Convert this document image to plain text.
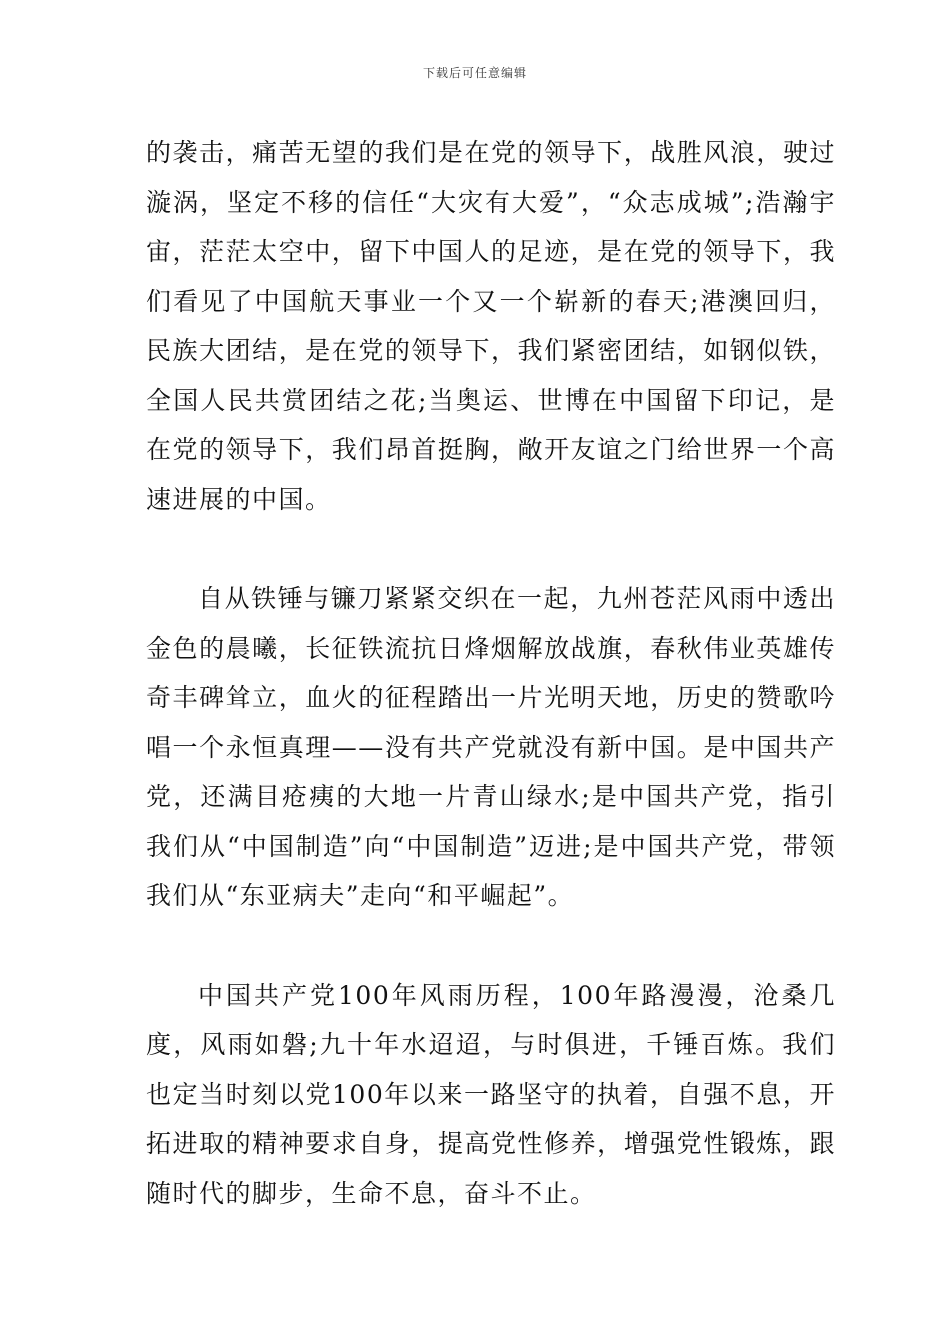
下载后可任意编辑

的袭击，痛苦无望的我们是在党的领导下，战胜风浪，驶过漩涡，坚定不移的信任“大灾有大爱”，“众志成城”;浩瀚宇宙，茫茫太空中，留下中国人的足迹，是在党的领导下，我们看见了中国航天事业一个又一个崭新的春天;港澳回归，民族大团结，是在党的领导下，我们紧密团结，如钢似铁，全国人民共赏团结之花;当奥运、世博在中国留下印记，是在党的领导下，我们昂首挺胸，敞开友谊之门给世界一个高速进展的中国。

自从铁锤与镰刀紧紧交织在一起，九州苍茫风雨中透出金色的晨曦，长征铁流抗日烽烟解放战旗，春秋伟业英雄传奇丰碑耸立，血火的征程踏出一片光明天地，历史的赞歌吟唱一个永恒真理——没有共产党就没有新中国。是中国共产党，还满目疮痍的大地一片青山绿水;是中国共产党，指引我们从“中国制造”向“中国制造”迈进;是中国共产党，带领我们从“东亚病夫”走向“和平崛起”。

中国共产党100年风雨历程，100年路漫漫，沧桑几度，风雨如磐;九十年水迢迢，与时俱进，千锤百炼。我们也定当时刻以党100年以来一路坚守的执着，自强不息，开拓进取的精神要求自身，提高党性修养，增强党性锻炼，跟随时代的脚步，生命不息，奋斗不止。
